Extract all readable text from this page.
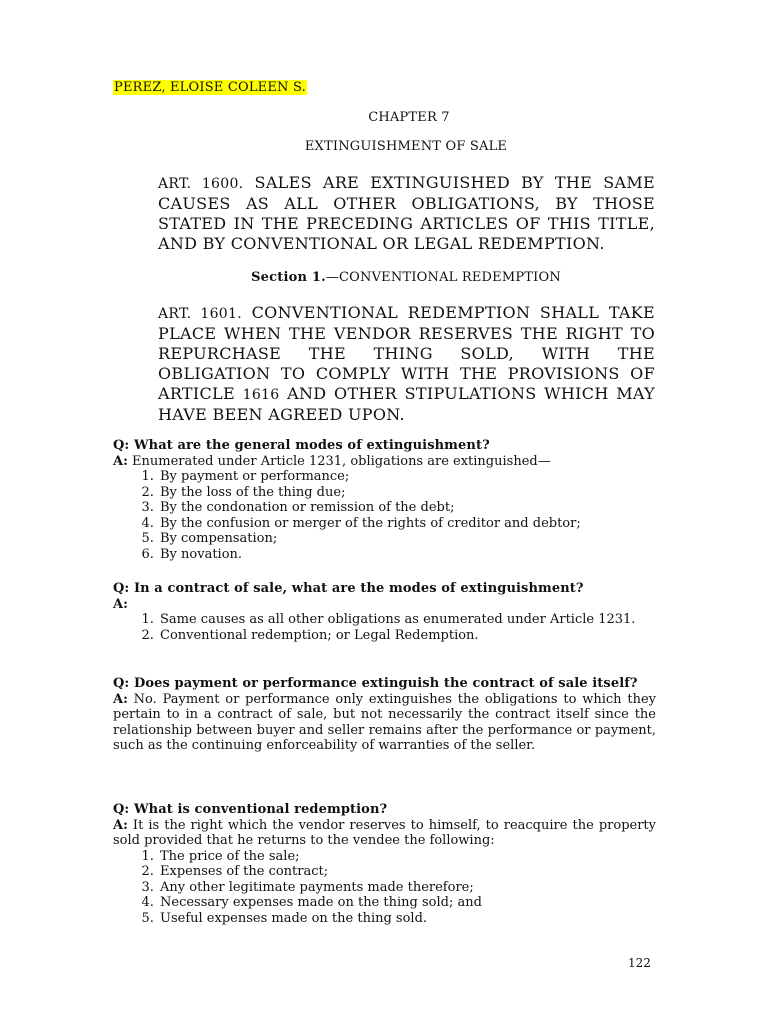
PEREZ, ELOISE COLEEN S.
CHAPTER 7
EXTINGUISHMENT OF SALE
ART. 1600. SALES ARE EXTINGUISHED BY THE SAME CAUSES AS ALL OTHER OBLIGATIONS, BY THOSE STATED IN THE PRECEDING ARTICLES OF THIS TITLE, AND BY CONVENTIONAL OR LEGAL REDEMPTION.
Section 1.—CONVENTIONAL REDEMPTION
ART. 1601. CONVENTIONAL REDEMPTION SHALL TAKE PLACE WHEN THE VENDOR RESERVES THE RIGHT TO REPURCHASE THE THING SOLD, WITH THE OBLIGATION TO COMPLY WITH THE PROVISIONS OF ARTICLE 1616 AND OTHER STIPULATIONS WHICH MAY HAVE BEEN AGREED UPON.
Q: What are the general modes of extinguishment?
A: Enumerated under Article 1231, obligations are extinguished—
1. By payment or performance;
2. By the loss of the thing due;
3. By the condonation or remission of the debt;
4. By the confusion or merger of the rights of creditor and debtor;
5. By compensation;
6. By novation.
Q: In a contract of sale, what are the modes of extinguishment?
A:
1. Same causes as all other obligations as enumerated under Article 1231.
2. Conventional redemption; or Legal Redemption.
Q: Does payment or performance extinguish the contract of sale itself?
A: No. Payment or performance only extinguishes the obligations to which they pertain to in a contract of sale, but not necessarily the contract itself since the relationship between buyer and seller remains after the performance or payment, such as the continuing enforceability of warranties of the seller.
Q: What is conventional redemption?
A: It is the right which the vendor reserves to himself, to reacquire the property sold provided that he returns to the vendee the following:
1. The price of the sale;
2. Expenses of the contract;
3. Any other legitimate payments made therefore;
4. Necessary expenses made on the thing sold; and
5. Useful expenses made on the thing sold.
122
